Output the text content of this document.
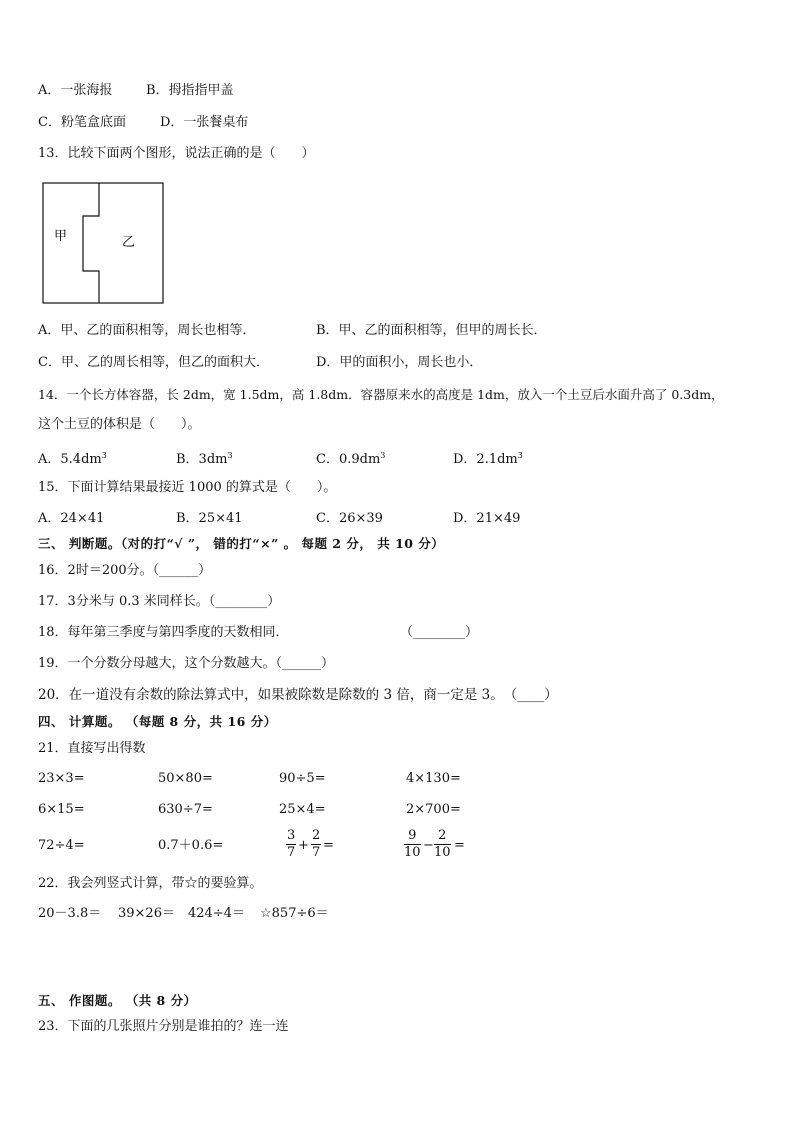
A．一张海报	B．拇指指甲盖
C．粉笔盒底面	D．一张餐桌布
13．比较下面两个图形，说法正确的是（　　）
甲	乙
A．甲、乙的面积相等，周长也相等．	B．甲、乙的面积相等，但甲的周长长．
C．甲、乙的周长相等，但乙的面积大．	D．甲的面积小，周长也小．
14．一个长方体容器，长 2dm，宽 1.5dm，高 1.8dm．容器原来水的高度是 1dm，放入一个土豆后水面升高了 0.3dm，
这个土豆的体积是（　　）。
A．$5.4dm^3$	B．$3dm^3$	C．$0.9dm^3$	D．$2.1dm^3$
15．下面计算结果最接近 1000 的算式是（　　）。
A．24×41	B．25×41	C．26×39	D．21×49
三、 判断题。（对的打“√ ”， 错的打“×” 。 每题 2 分， 共 10 分）
16．2时＝200分。（______）
17．3分米与 0.3 米同样长。（________）
18．每年第三季度与第四季度的天数相同．	（________）
19．一个分数分母越大，这个分数越大。（______）
20．在一道没有余数的除法算式中，如果被除数是除数的 3 倍，商一定是 3。　（____）
四、 计算题。 （每题 8 分，共 16 分）
21．直接写出得数
23×3=	50×80=	90÷5=	4×130=
6×15=	630÷7=	25×4=	2×700=
72÷4=	0.7＋0.6=	$\frac{3}{7} + \frac{2}{7}$ =	$\frac{9}{10} - \frac{2}{10}$ =
22．我会列竖式计算，带☆的要验算。
20－3.8＝ 39×26＝ 424÷4＝ ☆857÷6＝
五、 作图题。 （共 8 分）
23．下面的几张照片分别是谁拍的？连一连
